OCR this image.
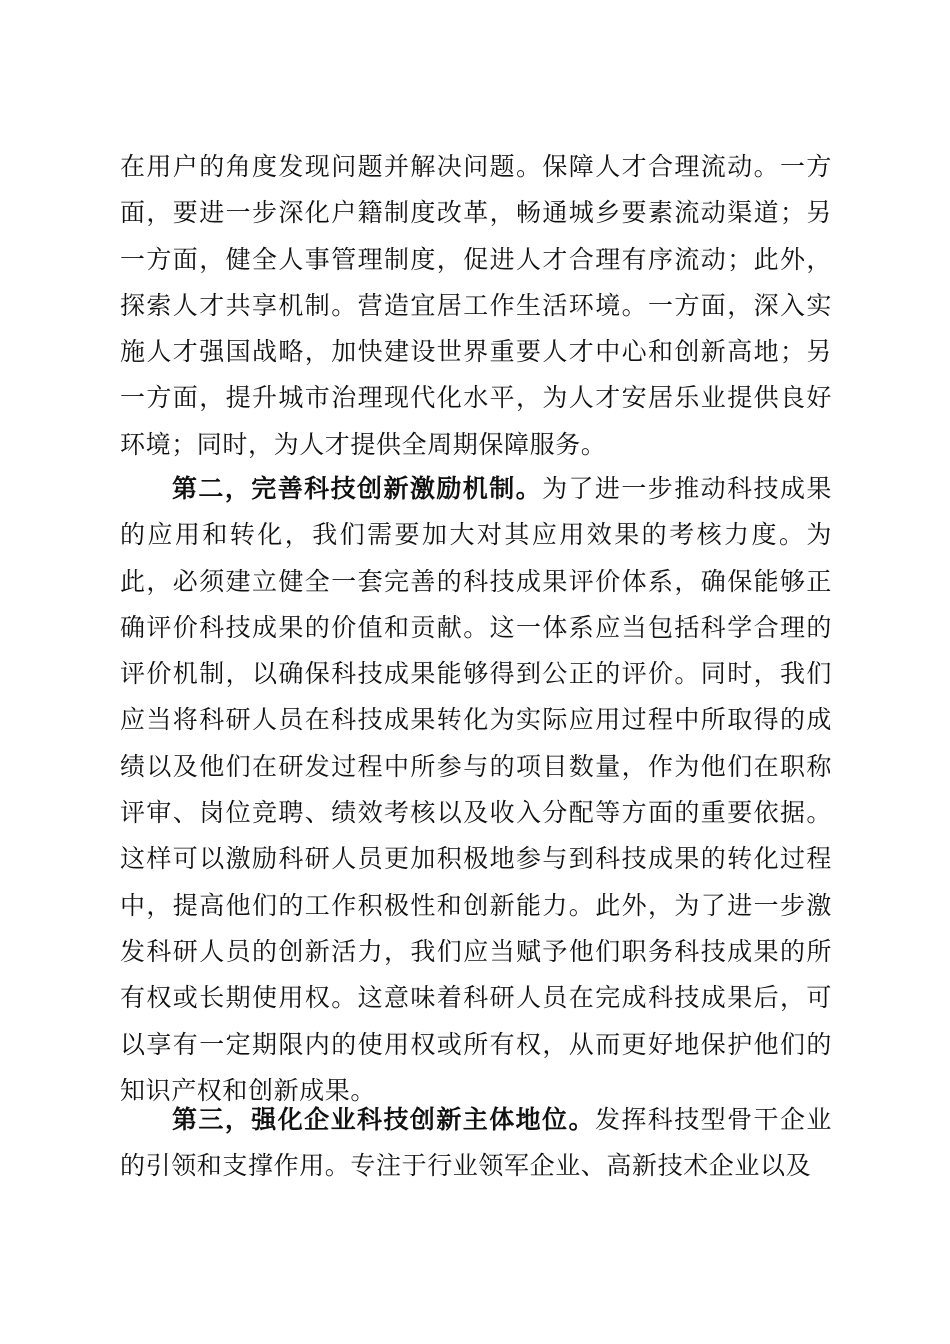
在用户的角度发现问题并解决问题。保障人才合理流动。一方面，要进一步深化户籍制度改革，畅通城乡要素流动渠道；另一方面，健全人事管理制度，促进人才合理有序流动；此外，探索人才共享机制。营造宜居工作生活环境。一方面，深入实施人才强国战略，加快建设世界重要人才中心和创新高地；另一方面，提升城市治理现代化水平，为人才安居乐业提供良好环境；同时，为人才提供全周期保障服务。

第二，完善科技创新激励机制。为了进一步推动科技成果的应用和转化，我们需要加大对其应用效果的考核力度。为此，必须建立健全一套完善的科技成果评价体系，确保能够正确评价科技成果的价值和贡献。这一体系应当包括科学合理的评价机制，以确保科技成果能够得到公正的评价。同时，我们应当将科研人员在科技成果转化为实际应用过程中所取得的成绩以及他们在研发过程中所参与的项目数量，作为他们在职称评审、岗位竞聘、绩效考核以及收入分配等方面的重要依据。这样可以激励科研人员更加积极地参与到科技成果的转化过程中，提高他们的工作积极性和创新能力。此外，为了进一步激发科研人员的创新活力，我们应当赋予他们职务科技成果的所有权或长期使用权。这意味着科研人员在完成科技成果后，可以享有一定期限内的使用权或所有权，从而更好地保护他们的知识产权和创新成果。

第三，强化企业科技创新主体地位。发挥科技型骨干企业的引领和支撑作用。专注于行业领军企业、高新技术企业以及
